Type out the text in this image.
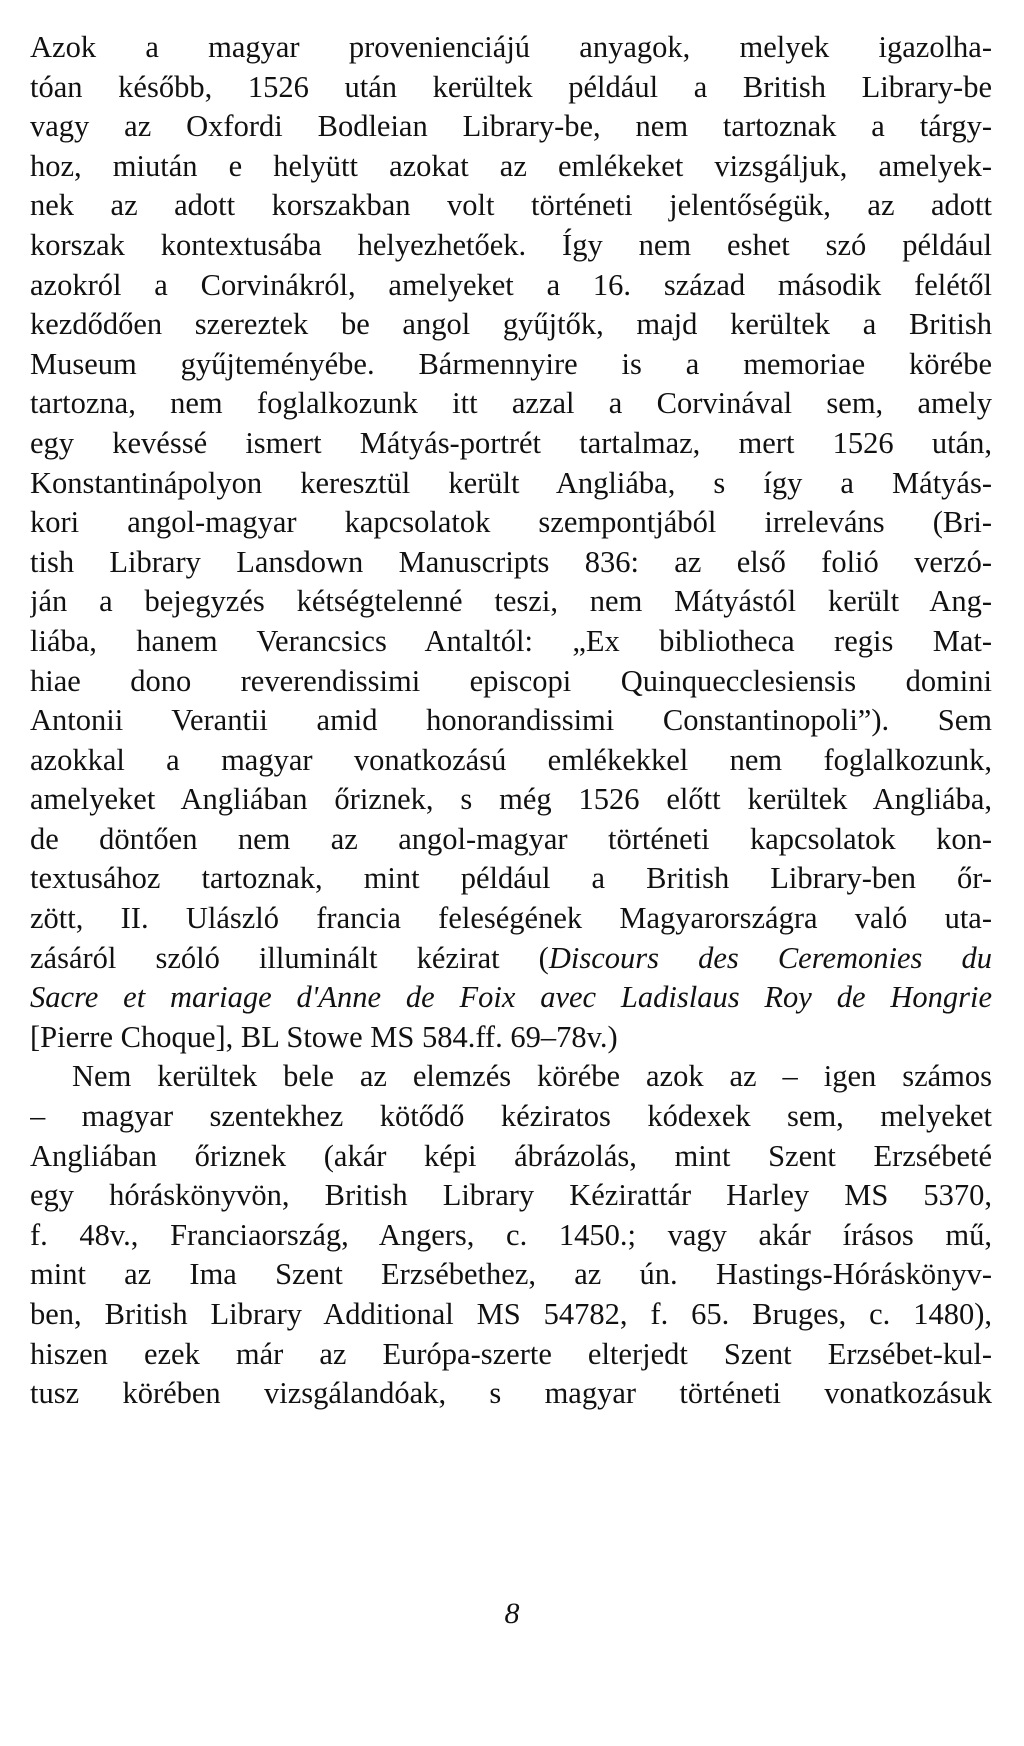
Azok a magyar provenienciájú anyagok, melyek igazolha-
tóan később, 1526 után kerültek például a British Library-be
vagy az Oxfordi Bodleian Library-be, nem tartoznak a tárgy-
hoz, miután e helyütt azokat az emlékeket vizsgáljuk, amelyek-
nek az adott korszakban volt történeti jelentőségük, az adott
korszak kontextusába helyezhetőek. Így nem eshet szó például
azokról a Corvinákról, amelyeket a 16. század második felétől
kezdődően szereztek be angol gyűjtők, majd kerültek a British
Museum gyűjteményébe. Bármennyire is a memoriae körébe
tartozna, nem foglalkozunk itt azzal a Corvinával sem, amely
egy kevéssé ismert Mátyás-portrét tartalmaz, mert 1526 után,
Konstantinápolyon keresztül került Angliába, s így a Mátyás-
kori angol-magyar kapcsolatok szempontjából irreleváns (Bri-
tish Library Lansdown Manuscripts 836: az első folió verzó-
ján a bejegyzés kétségtelenné teszi, nem Mátyástól került Ang-
liába, hanem Verancsics Antaltól: „Ex bibliotheca regis Mat-
hiae dono reverendissimi episcopi Quinquecclesiensis domini
Antonii Verantii amid honorandissimi Constantinopoli”). Sem
azokkal a magyar vonatkozású emlékekkel nem foglalkozunk,
amelyeket Angliában őriznek, s még 1526 előtt kerültek Angliába,
de döntően nem az angol-magyar történeti kapcsolatok kon-
textusához tartoznak, mint például a British Library-ben őr-
zött, II. Ulászló francia feleségének Magyarországra való uta-
zásáról szóló illuminált kézirat (Discours des Ceremonies du
Sacre et mariage d'Anne de Foix avec Ladislaus Roy de Hongrie
[Pierre Choque], BL Stowe MS 584.ff. 69–78v.)
Nem kerültek bele az elemzés körébe azok az – igen számos
– magyar szentekhez kötődő kéziratos kódexek sem, melyeket
Angliában őriznek (akár képi ábrázolás, mint Szent Erzsébeté
egy hóráskönyvön, British Library Kézirattár Harley MS 5370,
f. 48v., Franciaország, Angers, c. 1450.; vagy akár írásos mű,
mint az Ima Szent Erzsébethez, az ún. Hastings-Hóráskönyv-
ben, British Library Additional MS 54782, f. 65. Bruges, c. 1480),
hiszen ezek már az Európa-szerte elterjedt Szent Erzsébet-kul-
tusz körében vizsgálandóak, s magyar történeti vonatkozásuk
8
